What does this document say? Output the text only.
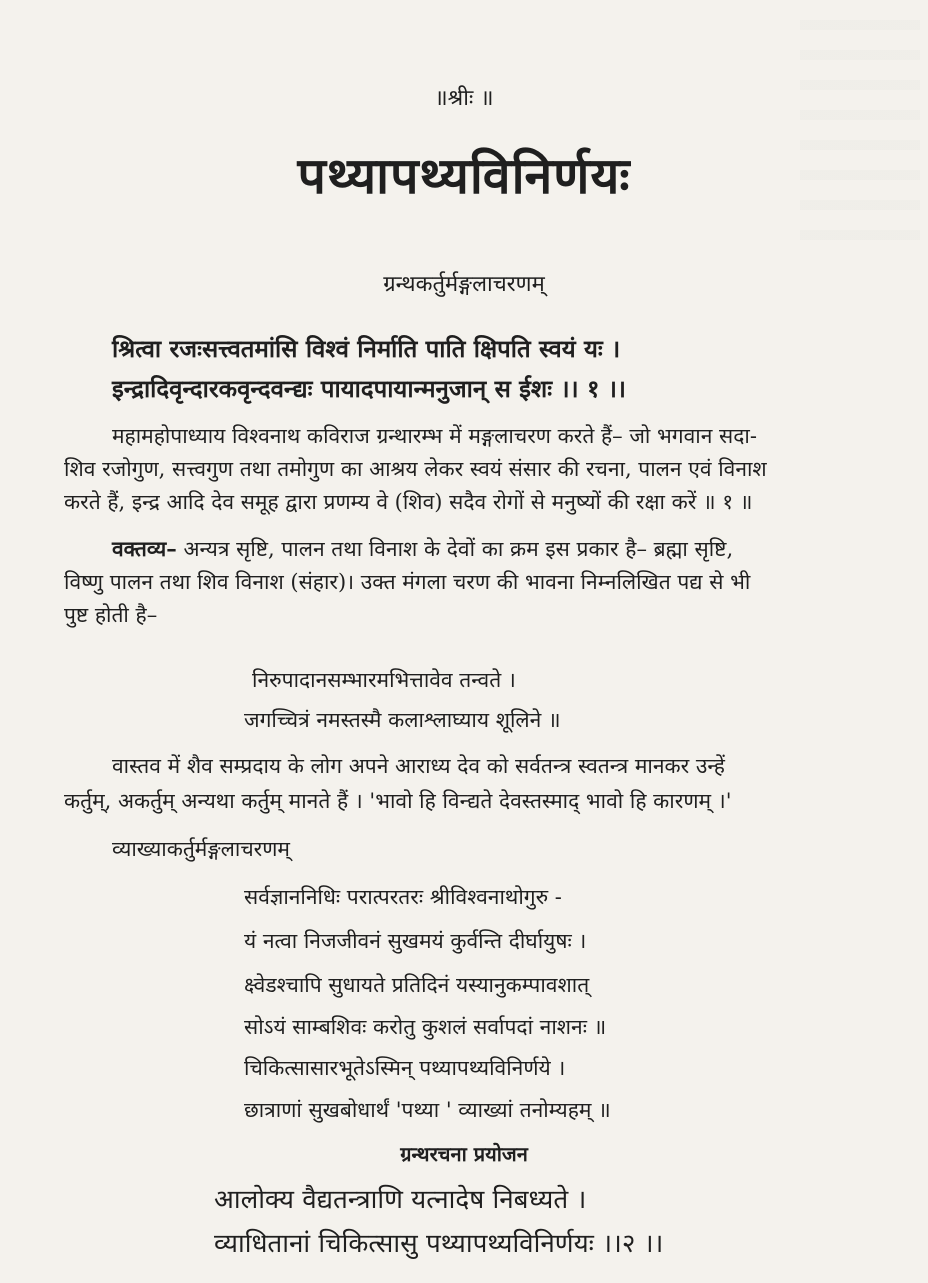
॥श्रीः ॥
पथ्यापथ्यविनिर्णयः
ग्रन्थकर्तुर्मङ्गलाचरणम्
श्रित्वा रजःसत्त्वतमांसि विश्वं निर्माति पाति क्षिपति स्वयं यः ।
इन्द्रादिवृन्दारकवृन्दवन्द्यः पायादपायान्मनुजान् स ईशः ।। १ ।।
महामहोपाध्याय विश्वनाथ कविराज ग्रन्थारम्भ में मङ्गलाचरण करते हैं– जो भगवान सदा-
शिव रजोगुण, सत्त्वगुण तथा तमोगुण का आश्रय लेकर स्वयं संसार की रचना, पालन एवं विनाश
करते हैं, इन्द्र आदि देव समूह द्वारा प्रणम्य वे (शिव) सदैव रोगों से मनुष्यों की रक्षा करें ॥ १ ॥
वक्तव्य– अन्यत्र सृष्टि, पालन तथा विनाश के देवों का क्रम इस प्रकार है– ब्रह्मा सृष्टि,
विष्णु पालन तथा शिव विनाश (संहार)। उक्त मंगला चरण की भावना निम्नलिखित पद्य से भी
पुष्ट होती है–
निरुपादानसम्भारमभित्तावेव तन्वते ।
जगच्चित्रं नमस्तस्मै कलाश्लाघ्याय शूलिने ॥
वास्तव में शैव सम्प्रदाय के लोग अपने आराध्य देव को सर्वतन्त्र स्वतन्त्र मानकर उन्हें
कर्तुम्, अकर्तुम् अन्यथा कर्तुम् मानते हैं । 'भावो हि विन्द्यते देवस्तस्माद् भावो हि कारणम् ।'
व्याख्याकर्तुर्मङ्गलाचरणम्
सर्वज्ञाननिधिः परात्परतरः श्रीविश्वनाथोगुरु -
यं नत्वा निजजीवनं सुखमयं कुर्वन्ति दीर्घायुषः ।
क्ष्वेडश्चापि सुधायते प्रतिदिनं यस्यानुकम्पावशात्
सोऽयं साम्बशिवः करोतु कुशलं सर्वापदां नाशनः ॥
चिकित्सासारभूतेऽस्मिन् पथ्यापथ्यविनिर्णये ।
छात्राणां सुखबोधार्थं 'पथ्या ' व्याख्यां तनोम्यहम् ॥
ग्रन्थरचना प्रयोजन
आलोक्य वैद्यतन्त्राणि यत्नादेष निबध्यते ।
व्याधितानां चिकित्सासु पथ्यापथ्यविनिर्णयः ।।२ ।।
